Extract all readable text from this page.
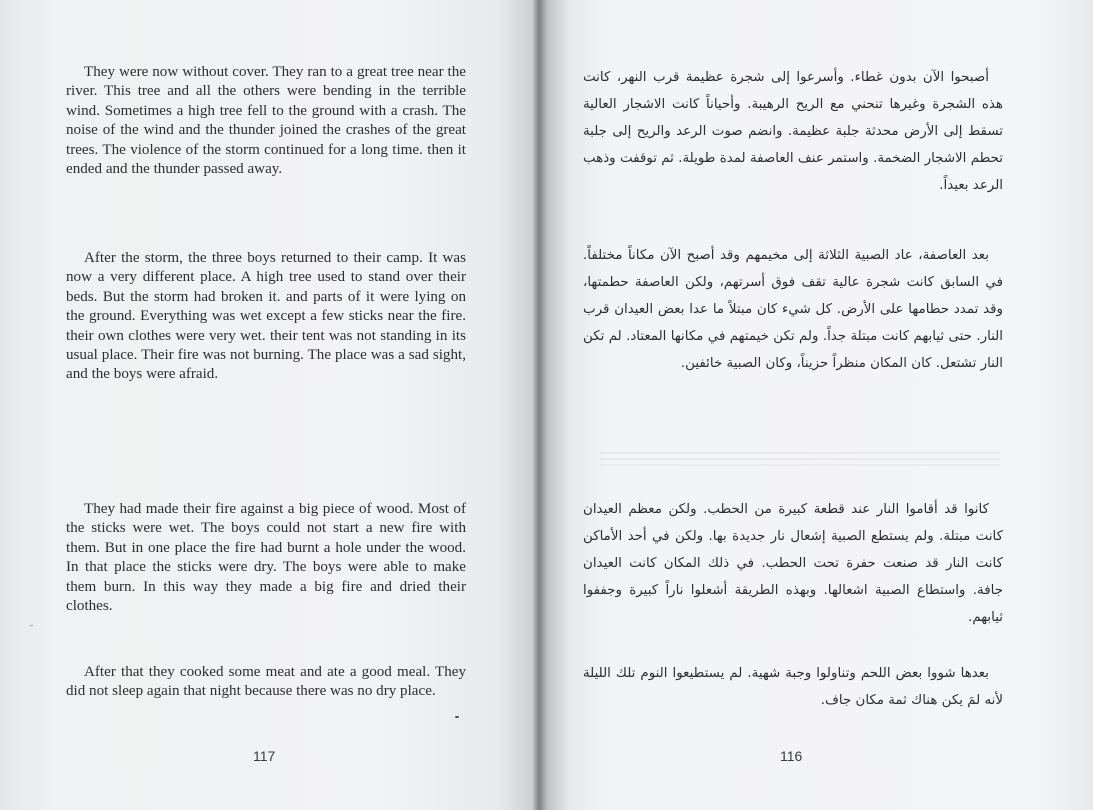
They were now without cover. They ran to a great tree near the river. This tree and all the others were bending in the terrible wind. Sometimes a high tree fell to the ground with a crash. The noise of the wind and the thunder joined the crashes of the great trees. The violence of the storm continued for a long time. then it ended and the thunder passed away.

After the storm, the three boys returned to their camp. It was now a very different place. A high tree used to stand over their beds. But the storm had broken it. and parts of it were lying on the ground. Everything was wet except a few sticks near the fire. their own clothes were very wet. their tent was not standing in its usual place. Their fire was not burning. The place was a sad sight, and the boys were afraid.

They had made their fire against a big piece of wood. Most of the sticks were wet. The boys could not start a new fire with them. But in one place the fire had burnt a hole under the wood. In that place the sticks were dry. The boys were able to make them burn. In this way they made a big fire and dried their clothes.

After that they cooked some meat and ate a good meal. They did not sleep again that night because there was no dry place.

117

أصبحوا الآن بدون غطاء. وأسرعوا إلى شجرة عظيمة قرب النهر، كانت هذه الشجرة وغيرها تنحني مع الريح الرهيبة. وأحياناً كانت الاشجار العالية تسقط إلى الأرض محدثة جلبة عظيمة. وانضم صوت الرعد والريح إلى جلبة تحطم الاشجار الضخمة. واستمر عنف العاصفة لمدة طويلة. ثم توقفت وذهب الرعد بعيداً.

بعد العاصفة، عاد الصبية الثلاثة إلى مخيمهم وقد أصبح الآن مكاناً مختلفاً. في السابق كانت شجرة عالية تقف فوق أسرتهم، ولكن العاصفة حطمتها، وقد تمدد حطامها على الأرض. كل شيء كان مبتلاً ما عدا بعض العيدان قرب النار. حتى ثيابهم كانت مبتلة جداً. ولم تكن خيمتهم في مكانها المعتاد. لم تكن النار تشتعل. كان المكان منظراً حزيناً، وكان الصبية خائفين.

كانوا قد أقاموا النار عند قطعة كبيرة من الحطب. ولكن معظم العيدان كانت مبتلة. ولم يستطع الصبية إشعال نار جديدة بها. ولكن في أحد الأماكن كانت النار قد صنعت حفرة تحت الحطب. في ذلك المكان كانت العيدان جافة. واستطاع الصبية اشعالها. وبهذه الطريقة أشعلوا ناراً كبيرة وجففوا ثيابهم.

بعدها شووا بعض اللحم وتناولوا وجبة شهية. لم يستطيعوا النوم تلك الليلة لأنه لمَ يكن هناك ثمة مكان جاف.

116
